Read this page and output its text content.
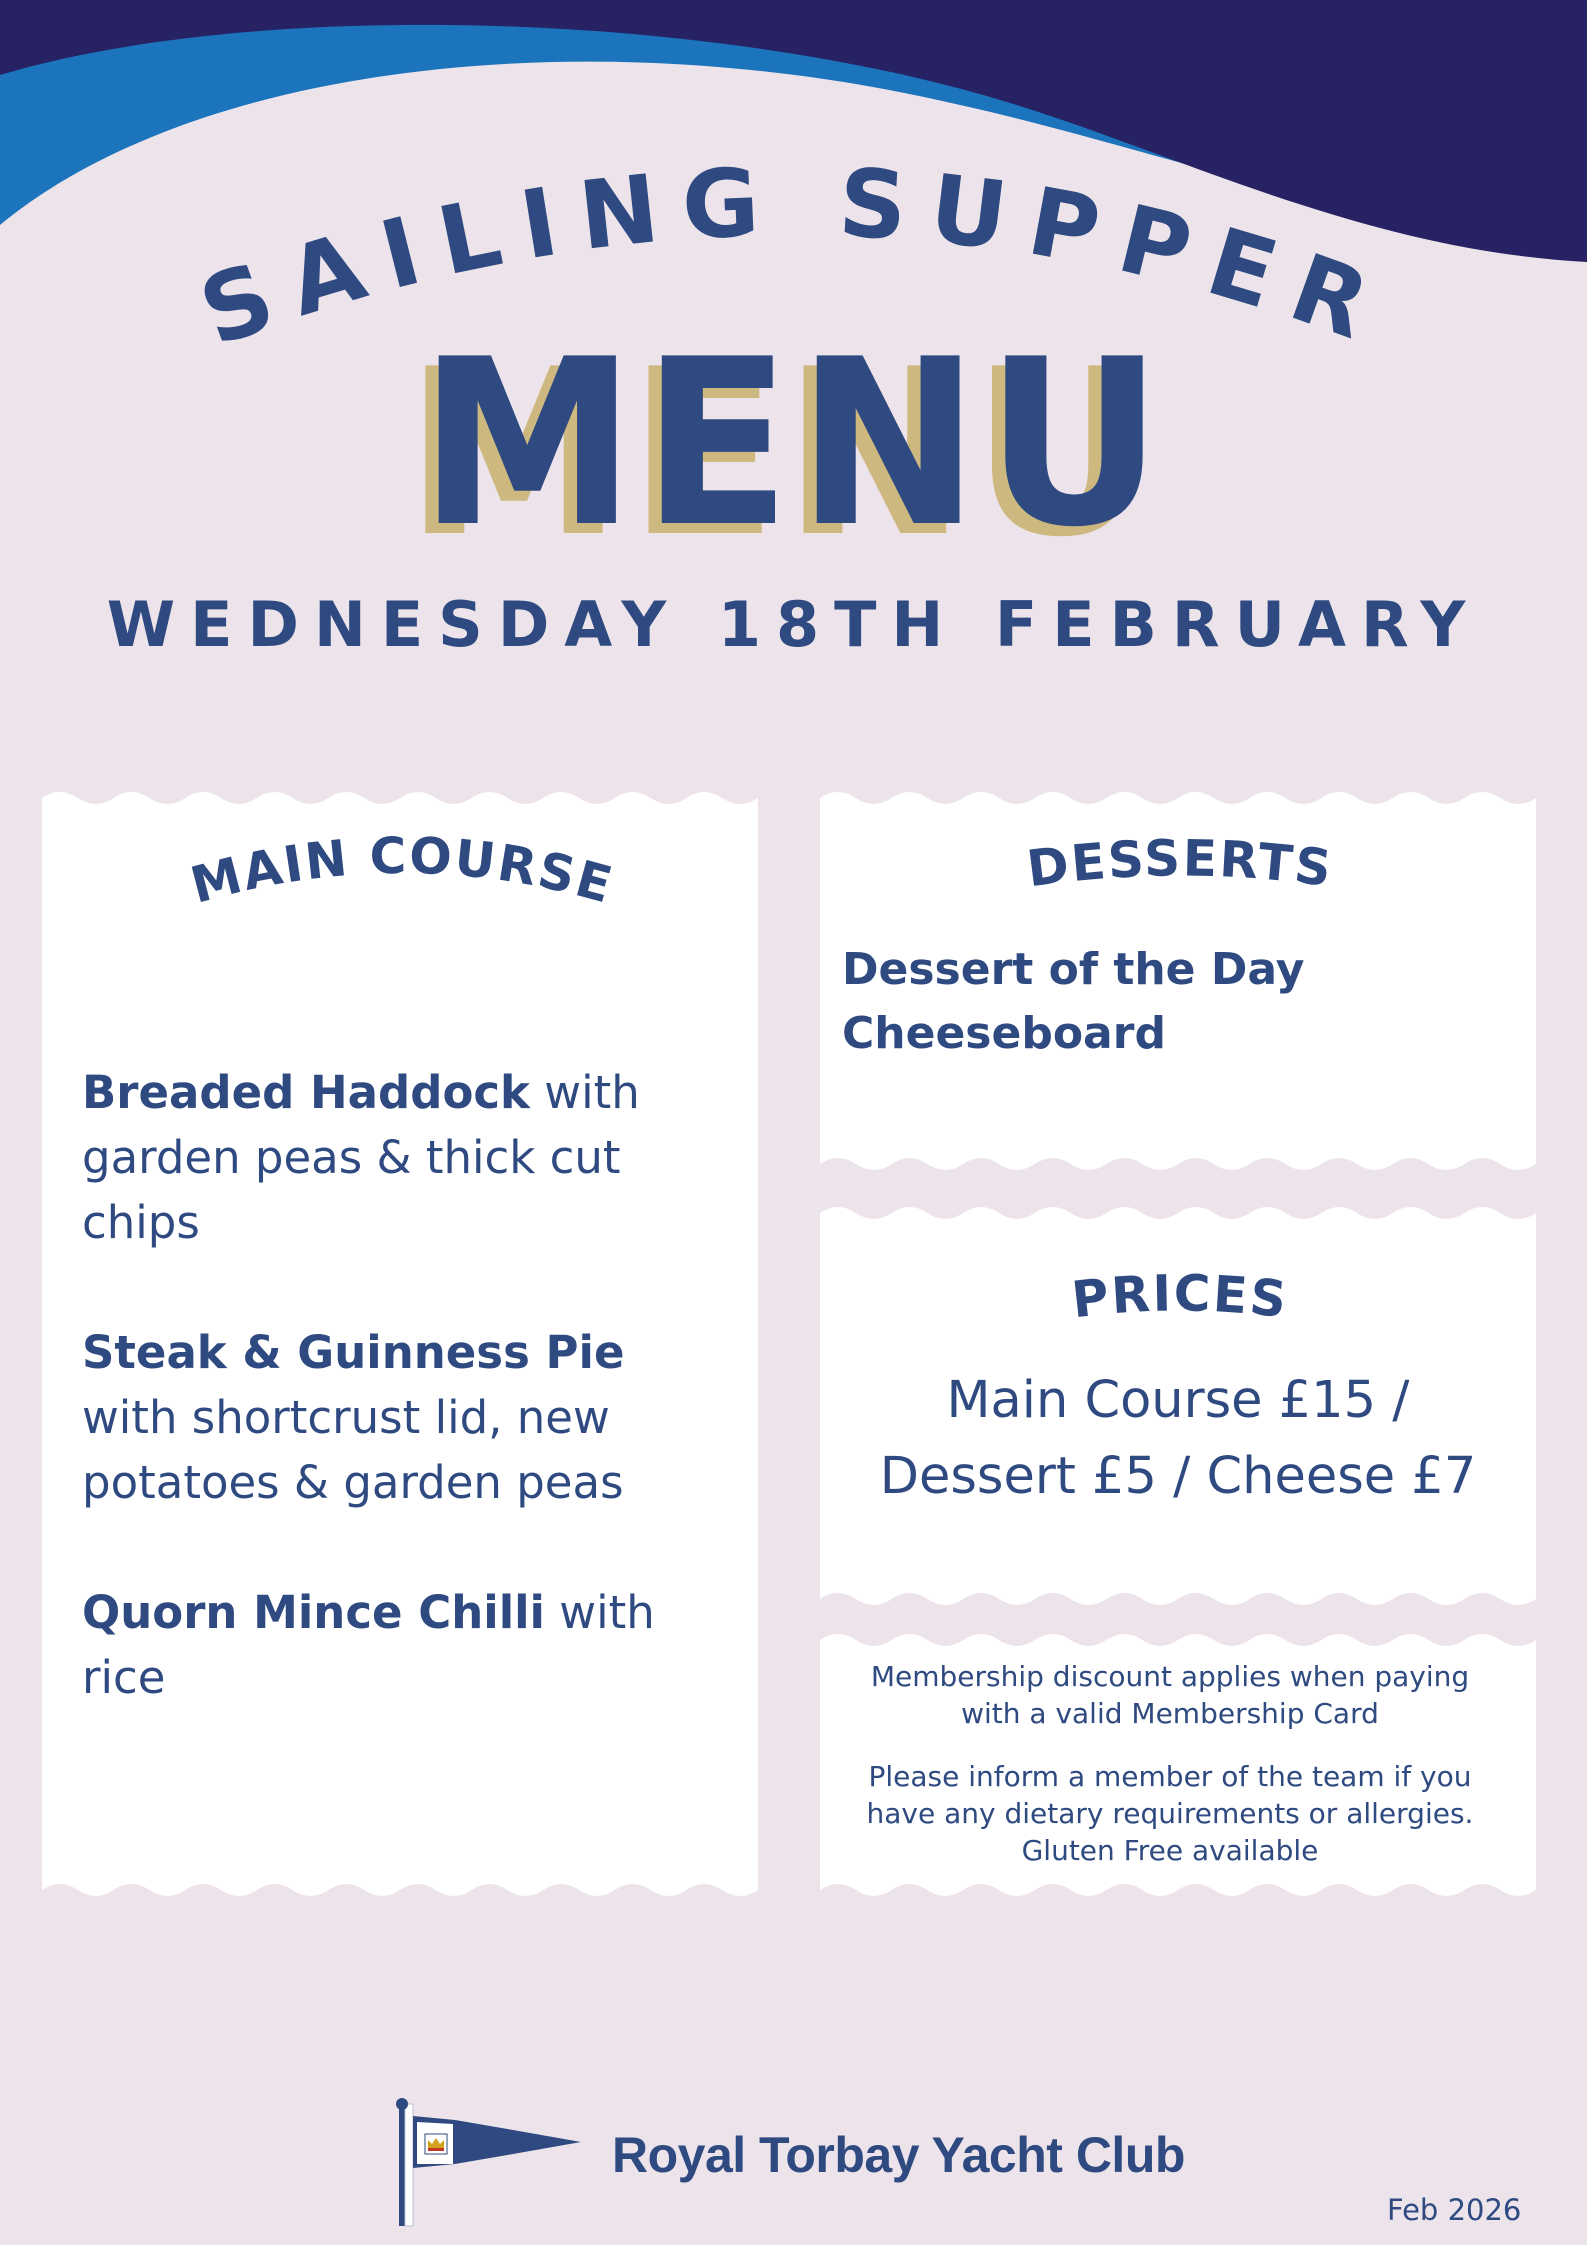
SAILING SUPPER
MENU
WEDNESDAY 18TH FEBRUARY
MAIN COURSE
Breaded Haddock with garden peas & thick cut chips
Steak & Guinness Pie with shortcrust lid, new potatoes & garden peas
Quorn Mince Chilli with rice
DESSERTS
Dessert of the Day
Cheeseboard
PRICES
Main Course £15 /
Dessert £5 / Cheese £7
Membership discount applies when paying with a valid Membership Card
Please inform a member of the team if you have any dietary requirements or allergies. Gluten Free available
Royal Torbay Yacht Club
Feb 2026
